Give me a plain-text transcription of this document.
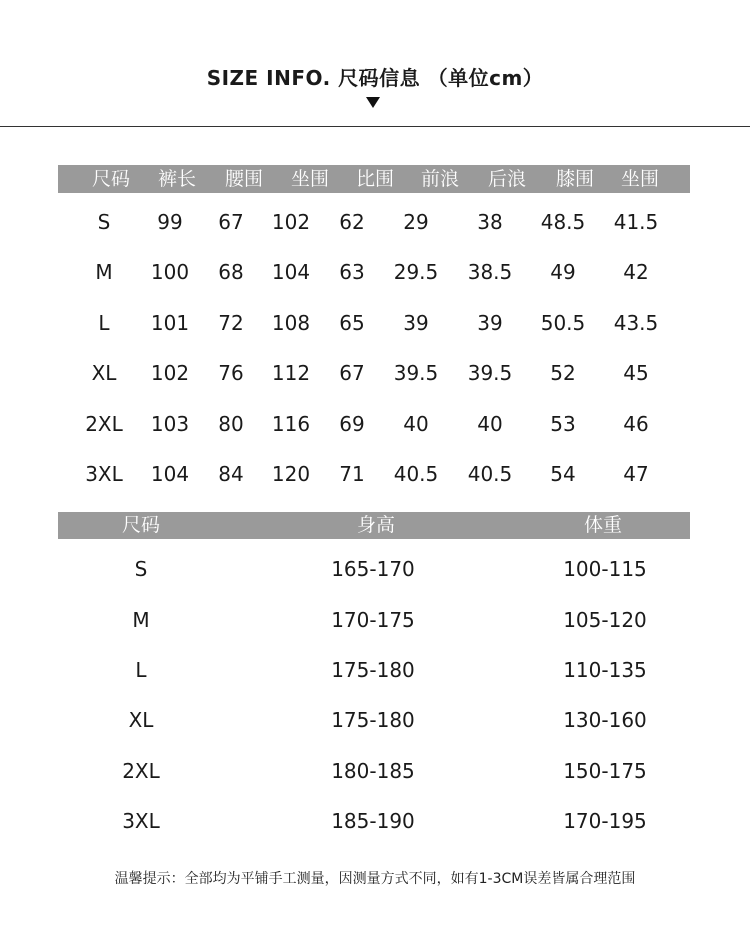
SIZE INFO. 尺码信息 （单位cm）
尺码 裤长 腰围 坐围 比围 前浪 后浪 膝围 坐围
S 99 67 102 62 29 38 48.5 41.5
M 100 68 104 63 29.5 38.5 49 42
L 101 72 108 65 39 39 50.5 43.5
XL 102 76 112 67 39.5 39.5 52 45
2XL 103 80 116 69 40 40 53 46
3XL 104 84 120 71 40.5 40.5 54 47
尺码	身高	体重
S	165-170	100-115
M	170-175	105-120
L	175-180	110-135
XL	175-180	130-160
2XL	180-185	150-175
3XL	185-190	170-195
温馨提示：全部均为平铺手工测量，因测量方式不同，如有1-3CM误差皆属合理范围
